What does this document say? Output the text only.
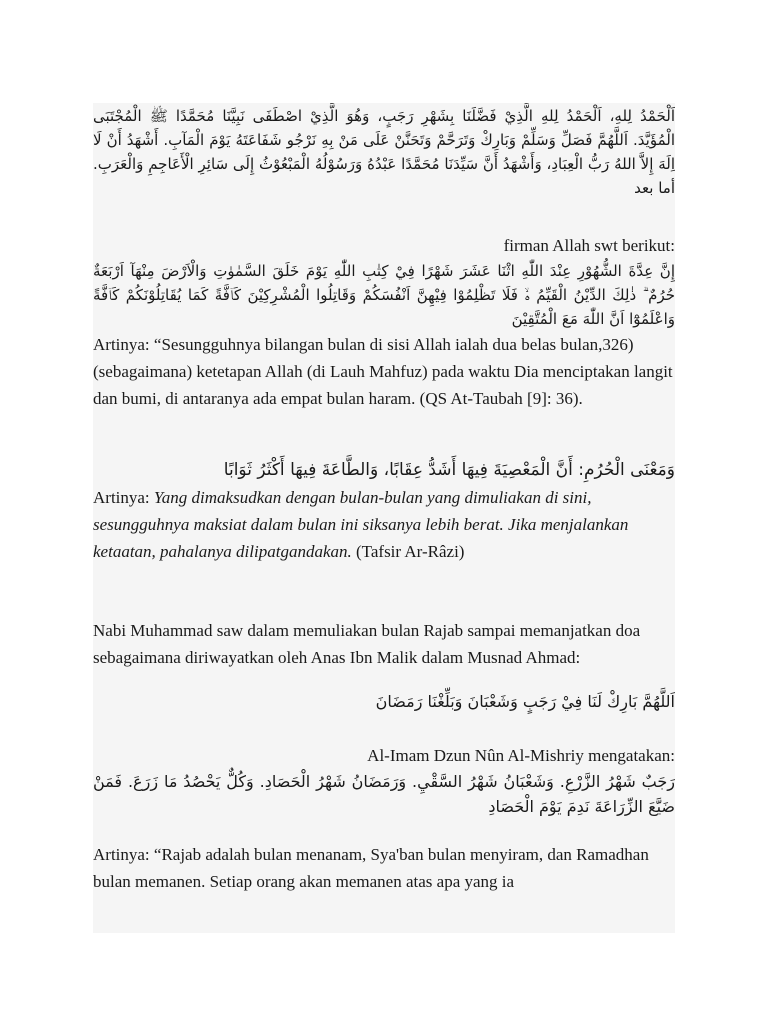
اَلْحَمْدُ لِلهِ، اَلْحَمْدُ لِلهِ الَّذِيْ فَضَّلَنَا بِشَهْرِ رَجَبٍ، وَهُوَ الَّذِيْ اصْطَفَى نَبِيَّنَا مُحَمَّدًا ﷺ الْمُجْتَبَى الْمُؤَيَّدَ. اَللَّهُمَّ فَصَلِّ وَسَلِّمْ وَبَارِكْ وَتَرَحَّمْ وَتَحَنَّنْ عَلَى مَنْ بِهِ نَرْجُو شَفَاعَتَهُ يَوْمَ الْمَآبِ. أَشْهَدُ أَنْ لَا اِلَهَ إِلاَّ اللهُ رَبُّ الْعِبَادِ، وَأَشْهَدُ أَنَّ سَيِّدَنَا مُحَمَّدًا عَبْدُهُ وَرَسُوْلُهُ الْمَبْعُوْثُ إِلَى سَائِرِ الْأَعَاجِمِ وَالْعَرَبِ. أما بعد

firman Allah swt berikut:

إِنَّ عِدَّةَ الشُّهُوْرِ عِنْدَ اللّٰهِ اثْنَا عَشَرَ شَهْرًا فِيْ كِتٰبِ اللّٰهِ يَوْمَ خَلَقَ السَّمٰوٰتِ وَالْاَرْضَ مِنْهَآ اَرْبَعَةٌ حُرُمٌ ۗ ذٰلِكَ الدِّيْنُ الْقَيِّمُ ەۙ فَلَا تَظْلِمُوْا فِيْهِنَّ اَنْفُسَكُمْ وَقَاتِلُوا الْمُشْرِكِيْنَ كَاۤفَّةً كَمَا يُقَاتِلُوْنَكُمْ كَاۤفَّةً ۗوَاعْلَمُوْٓا اَنَّ اللّٰهَ مَعَ الْمُتَّقِيْنَ

Artinya: “Sesungguhnya bilangan bulan di sisi Allah ialah dua belas bulan,326) (sebagaimana) ketetapan Allah (di Lauh Mahfuz) pada waktu Dia menciptakan langit dan bumi, di antaranya ada empat bulan haram. (QS At-Taubah [9]: 36).

وَمَعْنَى الْحُرُمِ: أَنَّ الْمَعْصِيَةَ فِيهَا أَشَدُّ عِقَابًا، وَالطَّاعَةَ فِيهَا أَكْثَرُ ثَوَابًا

Artinya: Yang dimaksudkan dengan bulan-bulan yang dimuliakan di sini, sesungguhnya maksiat dalam bulan ini siksanya lebih berat. Jika menjalankan ketaatan, pahalanya dilipatgandakan. (Tafsir Ar-Râzi)

Nabi Muhammad saw dalam memuliakan bulan Rajab sampai memanjatkan doa sebagaimana diriwayatkan oleh Anas Ibn Malik dalam Musnad Ahmad:

اَللَّهُمَّ بَارِكْ لَنَا فِيْ رَجَبٍ وَشَعْبَانَ وَبَلِّغْنَا رَمَضَانَ

Al-Imam Dzun Nûn Al-Mishriy mengatakan:

رَجَبٌ شَهْرُ الزَّرْعِ. وَشَعْبَانُ شَهْرُ السَّقْيِ. وَرَمَضَانُ شَهْرُ الْحَصَادِ. وَكُلٌّ يَحْصُدُ مَا زَرَعَ. فَمَنْ ضَيَّعَ الزِّرَاعَةَ نَدِمَ يَوْمَ الْحَصَادِ

Artinya: “Rajab adalah bulan menanam, Sya'ban bulan menyiram, dan Ramadhan bulan memanen. Setiap orang akan memanen atas apa yang ia
